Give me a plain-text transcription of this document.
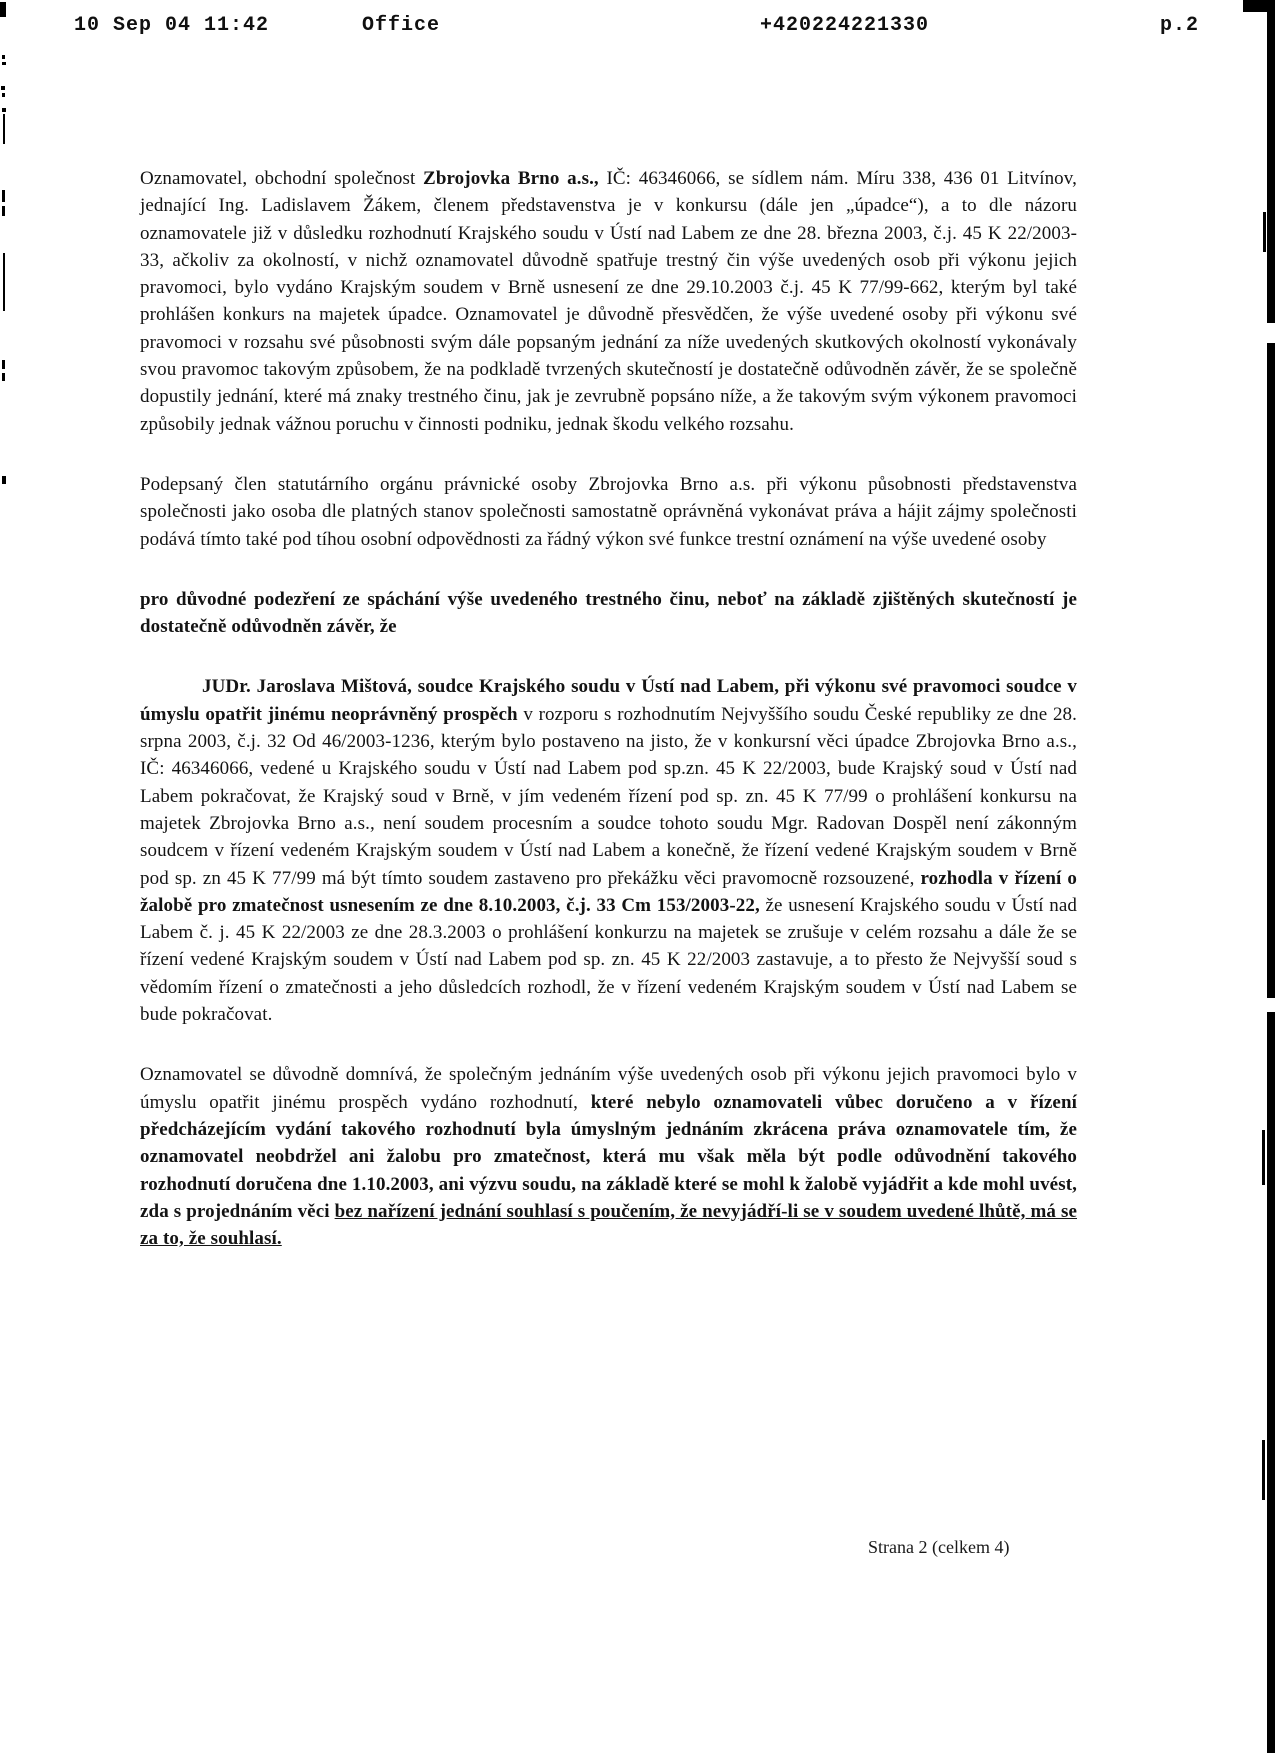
10 Sep 04 11:42	Office	+420224221330	p.2

Oznamovatel, obchodní společnost Zbrojovka Brno a.s., IČ: 46346066, se sídlem nám. Míru 338, 436 01 Litvínov, jednající Ing. Ladislavem Žákem, členem představenstva je v konkursu (dále jen „úpadce“), a to dle názoru oznamovatele již v důsledku rozhodnutí Krajského soudu v Ústí nad Labem ze dne 28. března 2003, č.j. 45 K 22/2003-33, ačkoliv za okolností, v nichž oznamovatel důvodně spatřuje trestný čin výše uvedených osob při výkonu jejich pravomoci, bylo vydáno Krajským soudem v Brně usnesení ze dne 29.10.2003 č.j. 45 K 77/99-662, kterým byl také prohlášen konkurs na majetek úpadce. Oznamovatel je důvodně přesvědčen, že výše uvedené osoby při výkonu své pravomoci v rozsahu své působnosti svým dále popsaným jednání za níže uvedených skutkových okolností vykonávaly svou pravomoc takovým způsobem, že na podkladě tvrzených skutečností je dostatečně odůvodněn závěr, že se společně dopustily jednání, které má znaky trestného činu, jak je zevrubně popsáno níže, a že takovým svým výkonem pravomoci způsobily jednak vážnou poruchu v činnosti podniku, jednak škodu velkého rozsahu.

Podepsaný člen statutárního orgánu právnické osoby Zbrojovka Brno a.s. při výkonu působnosti představenstva společnosti jako osoba dle platných stanov společnosti samostatně oprávněná vykonávat práva a hájit zájmy společnosti podává tímto také pod tíhou osobní odpovědnosti za řádný výkon své funkce trestní oznámení na výše uvedené osoby

pro důvodné podezření ze spáchání výše uvedeného trestného činu, neboť na základě zjištěných skutečností je dostatečně odůvodněn závěr, že

JUDr. Jaroslava Mištová, soudce Krajského soudu v Ústí nad Labem, při výkonu své pravomoci soudce v úmyslu opatřit jinému neoprávněný prospěch v rozporu s rozhodnutím Nejvyššího soudu České republiky ze dne 28. srpna 2003, č.j. 32 Od 46/2003-1236, kterým bylo postaveno na jisto, že v konkursní věci úpadce Zbrojovka Brno a.s., IČ: 46346066, vedené u Krajského soudu v Ústí nad Labem pod sp.zn. 45 K 22/2003, bude Krajský soud v Ústí nad Labem pokračovat, že Krajský soud v Brně, v jím vedeném řízení pod sp. zn. 45 K 77/99 o prohlášení konkursu na majetek Zbrojovka Brno a.s., není soudem procesním a soudce tohoto soudu Mgr. Radovan Dospěl není zákonným soudcem v řízení vedeném Krajským soudem v Ústí nad Labem a konečně, že řízení vedené Krajským soudem v Brně pod sp. zn 45 K 77/99 má být tímto soudem zastaveno pro překážku věci pravomocně rozsouzené, rozhodla v řízení o žalobě pro zmatečnost usnesením ze dne 8.10.2003, č.j. 33 Cm 153/2003-22, že usnesení Krajského soudu v Ústí nad Labem č. j. 45 K 22/2003 ze dne 28.3.2003 o prohlášení konkurzu na majetek se zrušuje v celém rozsahu a dále že se řízení vedené Krajským soudem v Ústí nad Labem pod sp. zn. 45 K 22/2003 zastavuje, a to přesto že Nejvyšší soud s vědomím řízení o zmatečnosti a jeho důsledcích rozhodl, že v řízení vedeném Krajským soudem v Ústí nad Labem se bude pokračovat.

Oznamovatel se důvodně domnívá, že společným jednáním výše uvedených osob při výkonu jejich pravomoci bylo v úmyslu opatřit jinému prospěch vydáno rozhodnutí, které nebylo oznamovateli vůbec doručeno a v řízení předcházejícím vydání takového rozhodnutí byla úmyslným jednáním zkrácena práva oznamovatele tím, že oznamovatel neobdržel ani žalobu pro zmatečnost, která mu však měla být podle odůvodnění takového rozhodnutí doručena dne 1.10.2003, ani výzvu soudu, na základě které se mohl k žalobě vyjádřit a kde mohl uvést, zda s projednáním věci bez nařízení jednání souhlasí s poučením, že nevyjádří-li se v soudem uvedené lhůtě, má se za to, že souhlasí.

Strana 2 (celkem 4)
